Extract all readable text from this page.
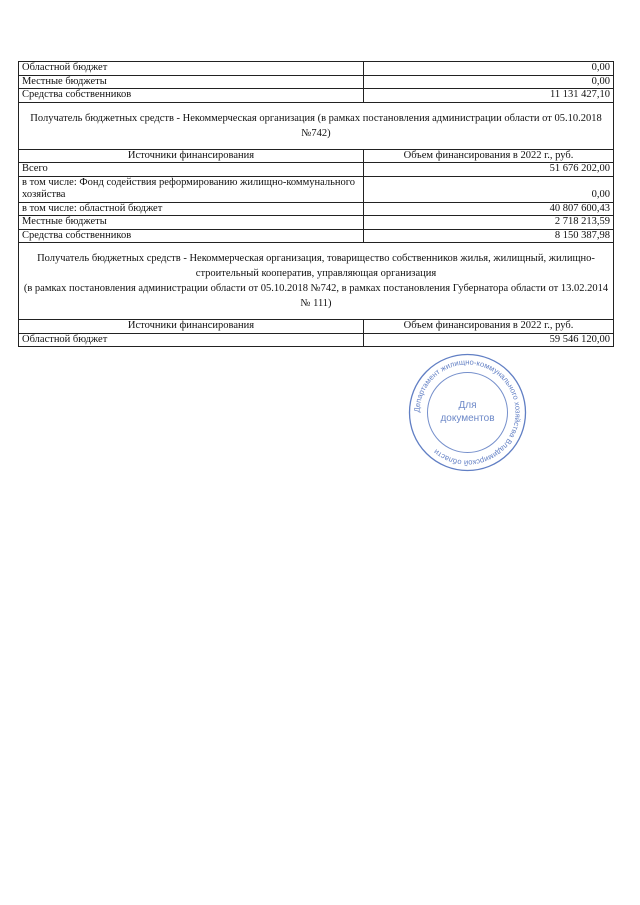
Областной бюджет	0,00
Местные бюджеты	0,00
Средства собственников	11 131 427,10
Получатель бюджетных средств - Некоммерческая организация (в рамках постановления администрации области от 05.10.2018 №742)	
Источники финансирования	Объем финансирования в 2022 г., руб.
Всего	51 676 202,00
в том числе: Фонд содействия реформированию жилищно-коммунального хозяйства	0,00
в том числе: областной бюджет	40 807 600,43
Местные бюджеты	2 718 213,59
Средства собственников	8 150 387,98

Получатель бюджетных средств - Некоммерческая организация, товарищество собственников жилья, жилищный, жилищно-строительный кооператив, управляющая организация
(в рамках постановления администрации области от 05.10.2018 №742, в рамках постановления Губернатора области от 13.02.2014 № 111)	

Источники финансирования	Объем финансирования в 2022 г., руб.
Областной бюджет	59 546 120,00
Департамент жилищно-коммунального хозяйства Владимирской области
Для
документов
